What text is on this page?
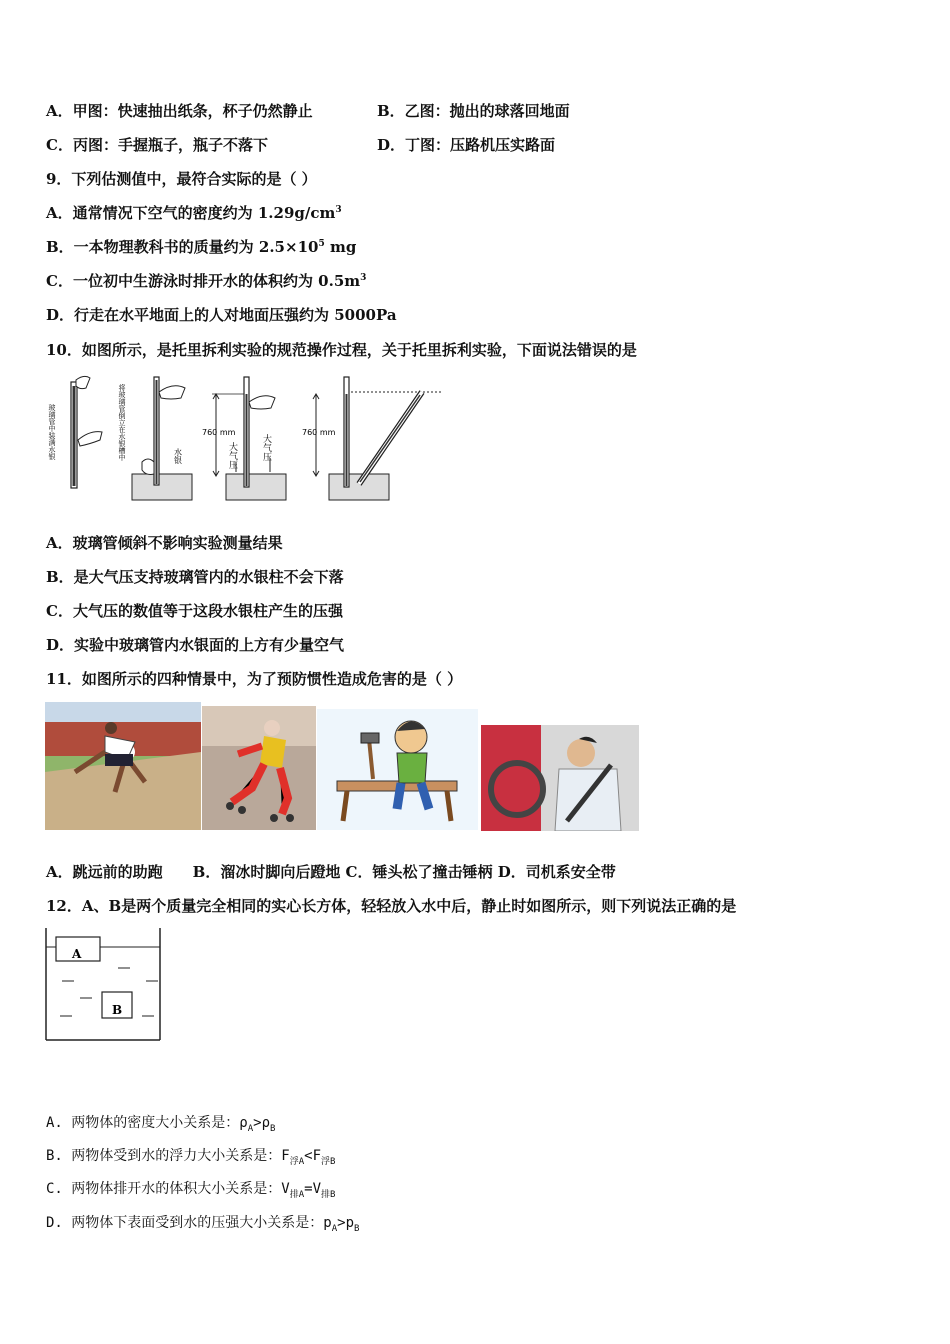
A．甲图：快速抽出纸条，杯子仍然静止	B．乙图：抛出的球落回地面
C．丙图：手握瓶子，瓶子不落下	D．丁图：压路机压实路面
9．下列估测值中，最符合实际的是（ ）
A．通常情况下空气的密度约为 $1.29g/cm^3$
B．一本物理教科书的质量约为 $2.5\times 10^5$ mg
C．一位初中生游泳时排开水的体积约为 $0.5m^3$
D．行走在水平地面上的人对地面压强约为 5000Pa
10．如图所示，是托里拆利实验的规范操作过程，关于托里拆利实验，下面说法错误的是
玻璃管中装满水银	将玻璃管倒立在水银槽中	水银
760 mm
大气压	大气压
760 mm
A．玻璃管倾斜不影响实验测量结果
B．是大气压支持玻璃管内的水银柱不会下落
C．大气压的数值等于这段水银柱产生的压强
D．实验中玻璃管内水银面的上方有少量空气
11．如图所示的四种情景中，为了预防惯性造成危害的是（ ）
A．跳远前的助跑　　B．溜冰时脚向后蹬地 C．锤头松了撞击锤柄 D．司机系安全带
12．A、B是两个质量完全相同的实心长方体，轻轻放入水中后，静止时如图所示，则下列说法正确的是
A
B
A. 两物体的密度大小关系是：$\rho_A>\rho_B$
B. 两物体受到水的浮力大小关系是：$F_{浮A}<F_{浮B}$
C. 两物体排开水的体积大小关系是：$V_{排A}=V_{排B}$
D. 两物体下表面受到水的压强大小关系是：$p_A>p_B$
